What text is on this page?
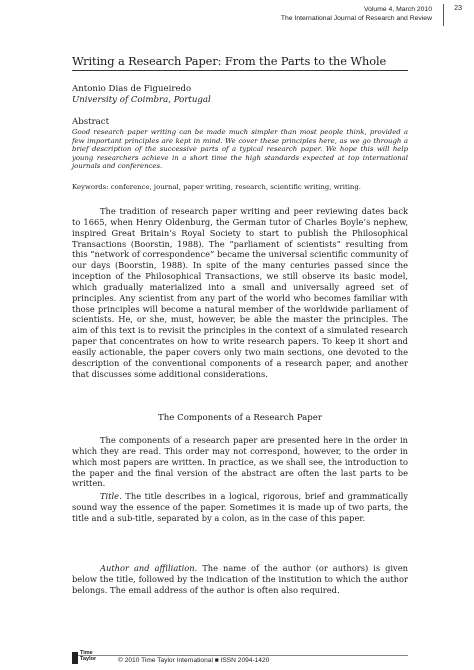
Volume 4, March 2010
The International Journal of Research and Review
23
Writing a Research Paper: From the Parts to the Whole
Antonio Dias de Figueiredo
University of Coimbra, Portugal
Abstract
Good research paper writing can be made much simpler than most people think, provided a few important principles are kept in mind. We cover these principles here, as we go through a brief description of the successive parts of a typical research paper. We hope this will help young researchers achieve in a short time the high standards expected at top international journals and conferences.
Keywords: conference, journal, paper writing, research, scientific writing, writing.

The tradition of research paper writing and peer reviewing dates back to 1665, when Henry Oldenburg, the German tutor of Charles Boyle’s nephew, inspired Great Britain’s Royal Society to start to publish the Philosophical Transactions (Boorstin, 1988). The “parliament of scientists” resulting from this “network of correspondence” became the universal scientific community of our days (Boorstin, 1988). In spite of the many centuries passed since the inception of the Philosophical Transactions, we still observe its basic model, which gradually materialized into a small and universally agreed set of principles. Any scientist from any part of the world who becomes familiar with those principles will become a natural member of the worldwide parliament of scientists. He, or she, must, however, be able the master the principles. The aim of this text is to revisit the principles in the context of a simulated research paper that concentrates on how to write research papers. To keep it short and easily actionable, the paper covers only two main sections, one devoted to the description of the conventional components of a research paper, and another that discusses some additional considerations.

The Components of a Research Paper

The components of a research paper are presented here in the order in which they are read. This order may not correspond, however, to the order in which most papers are written. In practice, as we shall see, the introduction to the paper and the final version of the abstract are often the last parts to be written.

Title. The title describes in a logical, rigorous, brief and grammatically sound way the essence of the paper. Sometimes it is made up of two parts, the title and a sub-title, separated by a colon, as in the case of this paper.

Author and affiliation. The name of the author (or authors) is given below the title, followed by the indication of the institution to which the author belongs. The email address of the author is often also required.

Time
Taylor	© 2010 Time Taylor International ■ ISSN 2094-1420
